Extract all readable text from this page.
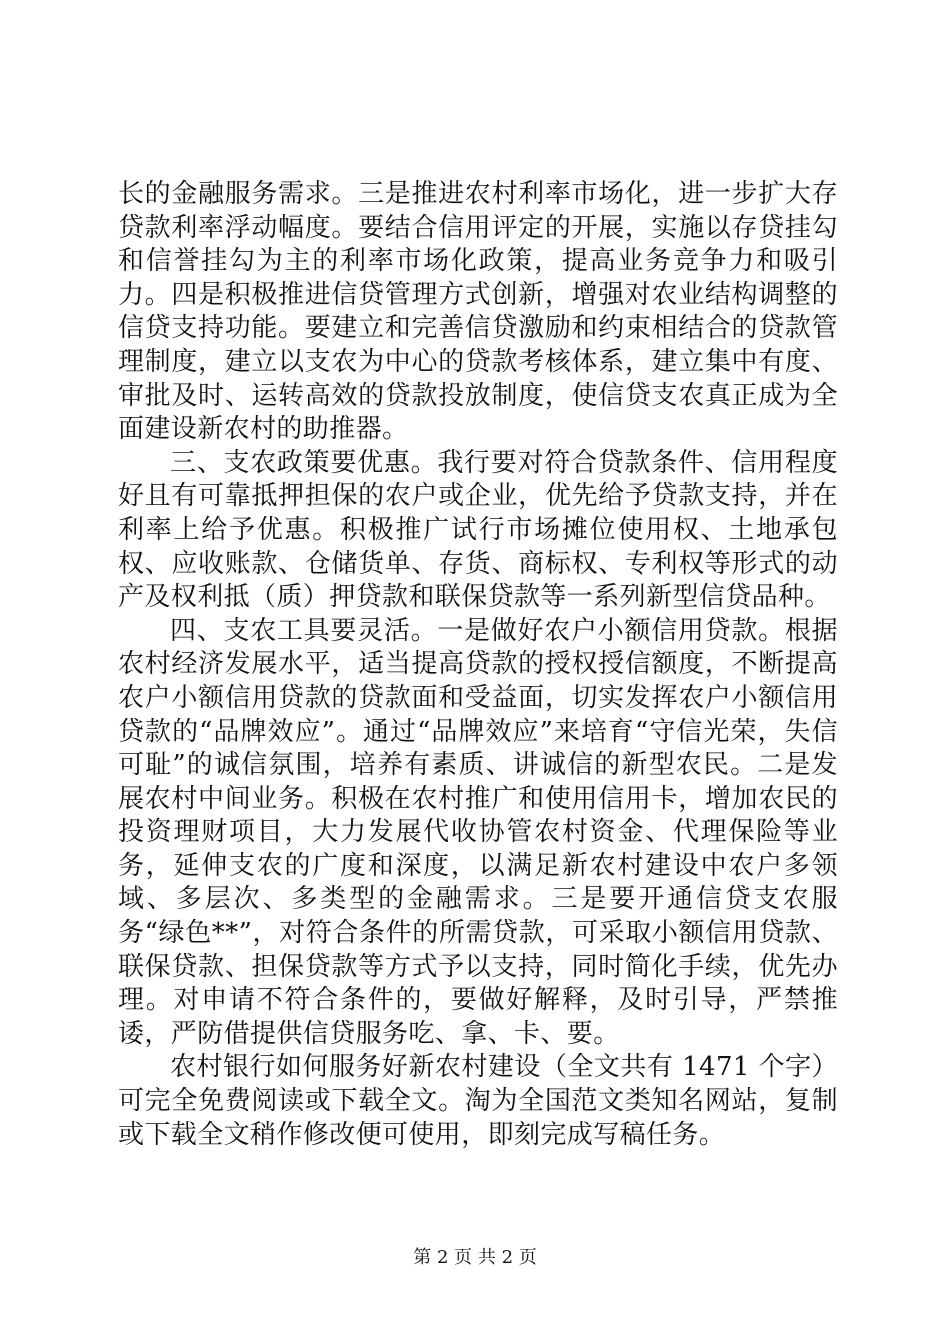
长的金融服务需求。三是推进农村利率市场化，进一步扩大存贷款利率浮动幅度。要结合信用评定的开展，实施以存贷挂勾和信誉挂勾为主的利率市场化政策，提高业务竞争力和吸引力。四是积极推进信贷管理方式创新，增强对农业结构调整的信贷支持功能。要建立和完善信贷激励和约束相结合的贷款管理制度，建立以支农为中心的贷款考核体系，建立集中有度、审批及时、运转高效的贷款投放制度，使信贷支农真正成为全面建设新农村的助推器。

三、支农政策要优惠。我行要对符合贷款条件、信用程度好且有可靠抵押担保的农户或企业，优先给予贷款支持，并在利率上给予优惠。积极推广试行市场摊位使用权、土地承包权、应收账款、仓储货单、存货、商标权、专利权等形式的动产及权利抵（质）押贷款和联保贷款等一系列新型信贷品种。

四、支农工具要灵活。一是做好农户小额信用贷款。根据农村经济发展水平，适当提高贷款的授权授信额度，不断提高农户小额信用贷款的贷款面和受益面，切实发挥农户小额信用贷款的“品牌效应”。通过“品牌效应”来培育“守信光荣，失信可耻”的诚信氛围，培养有素质、讲诚信的新型农民。二是发展农村中间业务。积极在农村推广和使用信用卡，增加农民的投资理财项目，大力发展代收协管农村资金、代理保险等业务，延伸支农的广度和深度，以满足新农村建设中农户多领域、多层次、多类型的金融需求。三是要开通信贷支农服务“绿色**”，对符合条件的所需贷款，可采取小额信用贷款、联保贷款、担保贷款等方式予以支持，同时简化手续，优先办理。对申请不符合条件的，要做好解释，及时引导，严禁推诿，严防借提供信贷服务吃、拿、卡、要。

农村银行如何服务好新农村建设（全文共有 1471 个字）可完全免费阅读或下载全文。淘为全国范文类知名网站，复制或下载全文稍作修改便可使用，即刻完成写稿任务。

第 2 页 共 2 页
